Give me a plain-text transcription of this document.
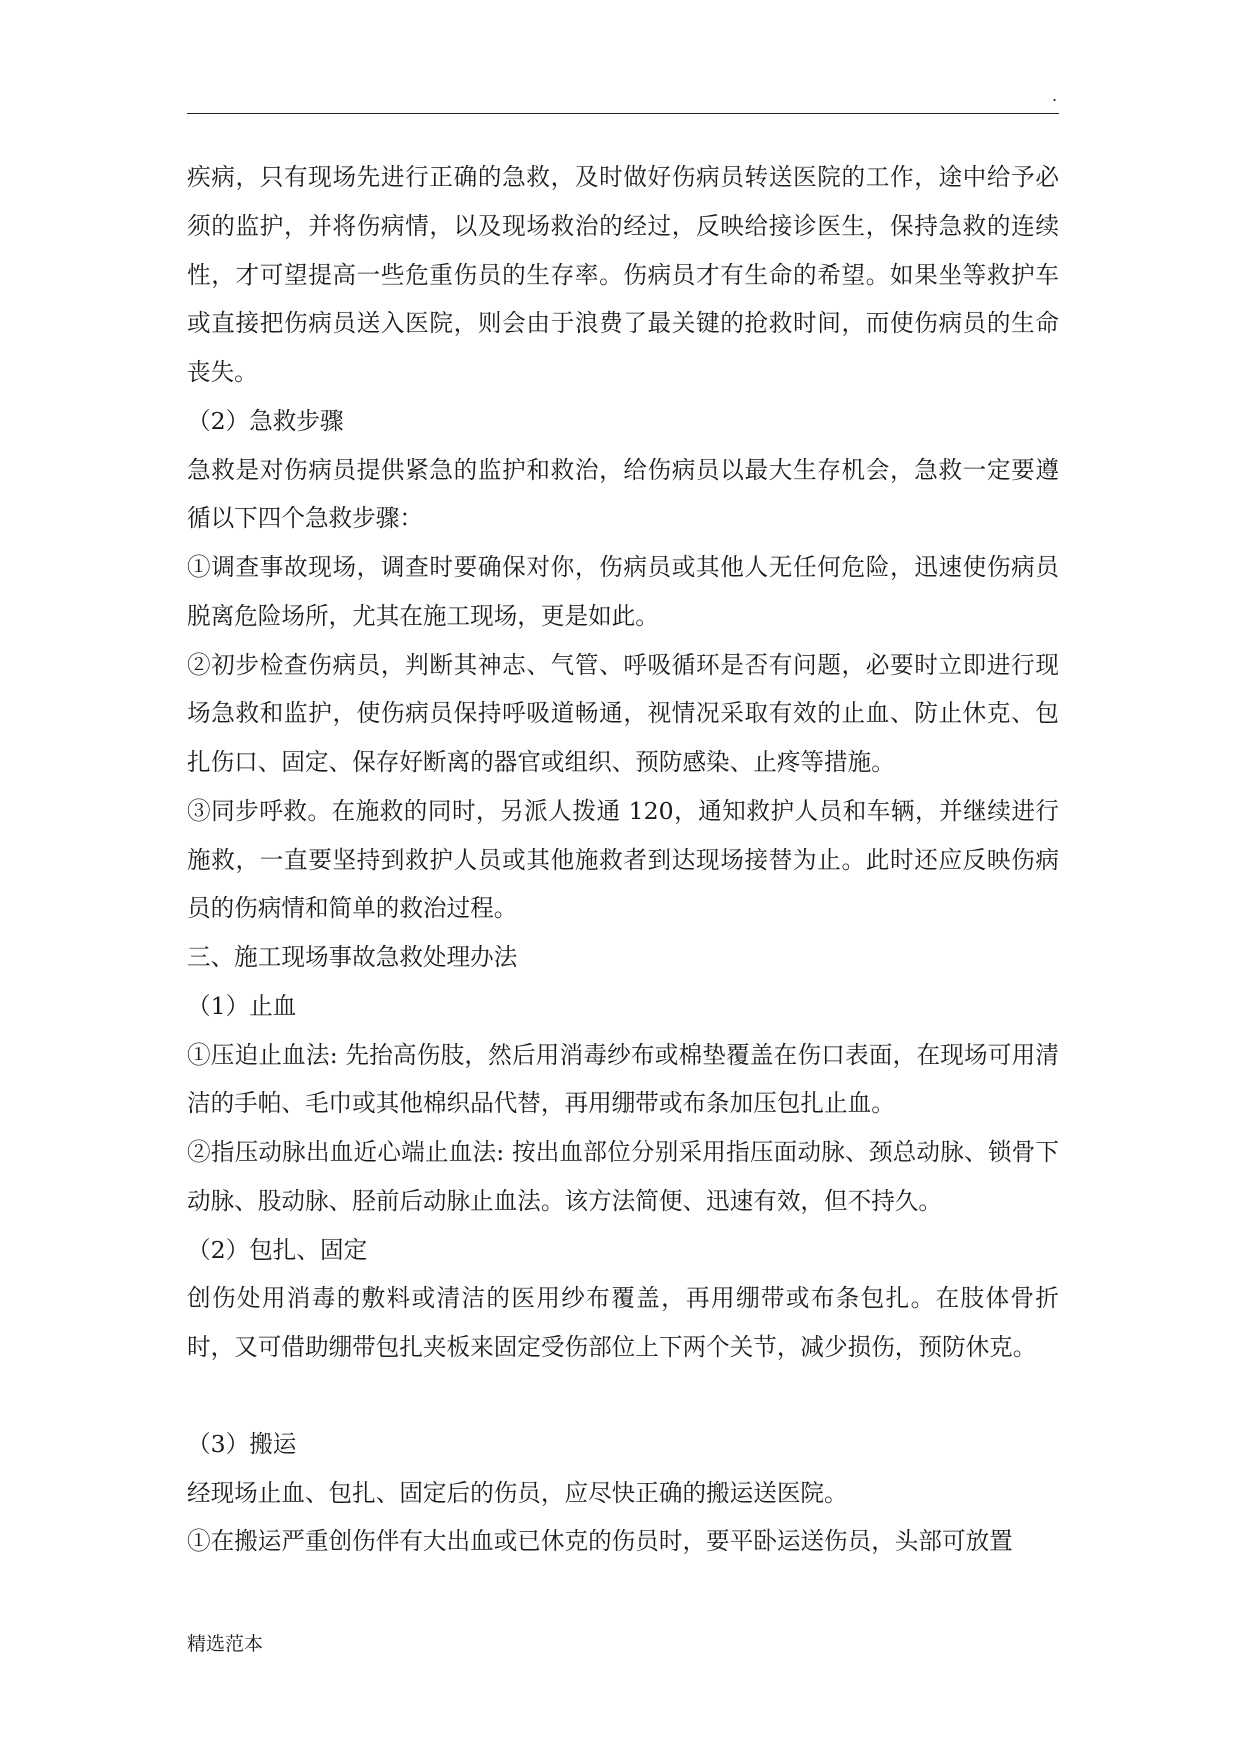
.

疾病，只有现场先进行正确的急救，及时做好伤病员转送医院的工作，途中给予必须的监护，并将伤病情，以及现场救治的经过，反映给接诊医生，保持急救的连续性，才可望提高一些危重伤员的生存率。伤病员才有生命的希望。如果坐等救护车或直接把伤病员送入医院，则会由于浪费了最关键的抢救时间，而使伤病员的生命丧失。

（2）急救步骤

急救是对伤病员提供紧急的监护和救治，给伤病员以最大生存机会，急救一定要遵循以下四个急救步骤：

①调查事故现场，调查时要确保对你，伤病员或其他人无任何危险，迅速使伤病员脱离危险场所，尤其在施工现场，更是如此。

②初步检查伤病员，判断其神志、气管、呼吸循环是否有问题，必要时立即进行现场急救和监护，使伤病员保持呼吸道畅通，视情况采取有效的止血、防止休克、包扎伤口、固定、保存好断离的器官或组织、预防感染、止疼等措施。

③同步呼救。在施救的同时，另派人拨通 120，通知救护人员和车辆，并继续进行施救，一直要坚持到救护人员或其他施救者到达现场接替为止。此时还应反映伤病员的伤病情和简单的救治过程。

三、施工现场事故急救处理办法

（1）止血

①压迫止血法: 先抬高伤肢，然后用消毒纱布或棉垫覆盖在伤口表面，在现场可用清洁的手帕、毛巾或其他棉织品代替，再用绷带或布条加压包扎止血。

②指压动脉出血近心端止血法: 按出血部位分别采用指压面动脉、颈总动脉、锁骨下动脉、股动脉、胫前后动脉止血法。该方法简便、迅速有效，但不持久。

（2）包扎、固定

创伤处用消毒的敷料或清洁的医用纱布覆盖，再用绷带或布条包扎。在肢体骨折时，又可借助绷带包扎夹板来固定受伤部位上下两个关节，减少损伤，预防休克。

（3）搬运

经现场止血、包扎、固定后的伤员，应尽快正确的搬运送医院。

①在搬运严重创伤伴有大出血或已休克的伤员时，要平卧运送伤员，头部可放置

精选范本
